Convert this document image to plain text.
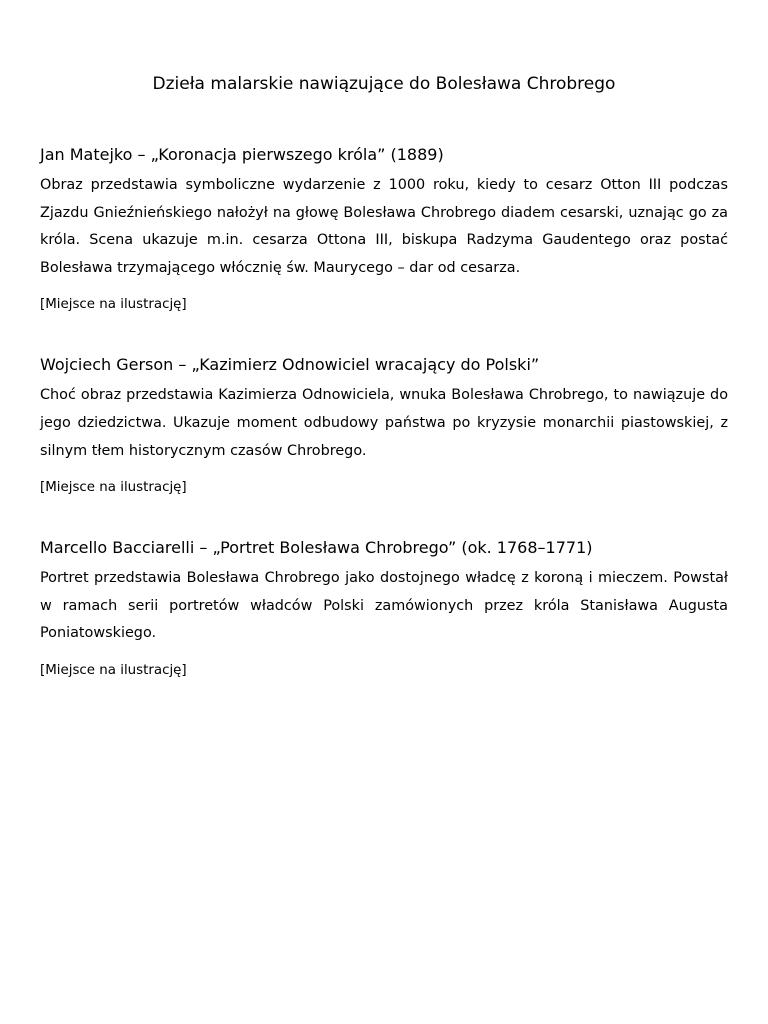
Dzieła malarskie nawiązujące do Bolesława Chrobrego
Jan Matejko – „Koronacja pierwszego króla” (1889)

Obraz przedstawia symboliczne wydarzenie z 1000 roku, kiedy to cesarz Otton III podczas Zjazdu Gnieźnieńskiego nałożył na głowę Bolesława Chrobrego diadem cesarski, uznając go za króla. Scena ukazuje m.in. cesarza Ottona III, biskupa Radzyma Gaudentego oraz postać Bolesława trzymającego włócznię św. Maurycego – dar od cesarza.

[Miejsce na ilustrację]

Wojciech Gerson – „Kazimierz Odnowiciel wracający do Polski”

Choć obraz przedstawia Kazimierza Odnowiciela, wnuka Bolesława Chrobrego, to nawiązuje do jego dziedzictwa. Ukazuje moment odbudowy państwa po kryzysie monarchii piastowskiej, z silnym tłem historycznym czasów Chrobrego.

[Miejsce na ilustrację]

Marcello Bacciarelli – „Portret Bolesława Chrobrego” (ok. 1768–1771)

Portret przedstawia Bolesława Chrobrego jako dostojnego władcę z koroną i mieczem. Powstał w ramach serii portretów władców Polski zamówionych przez króla Stanisława Augusta Poniatowskiego.

[Miejsce na ilustrację]
